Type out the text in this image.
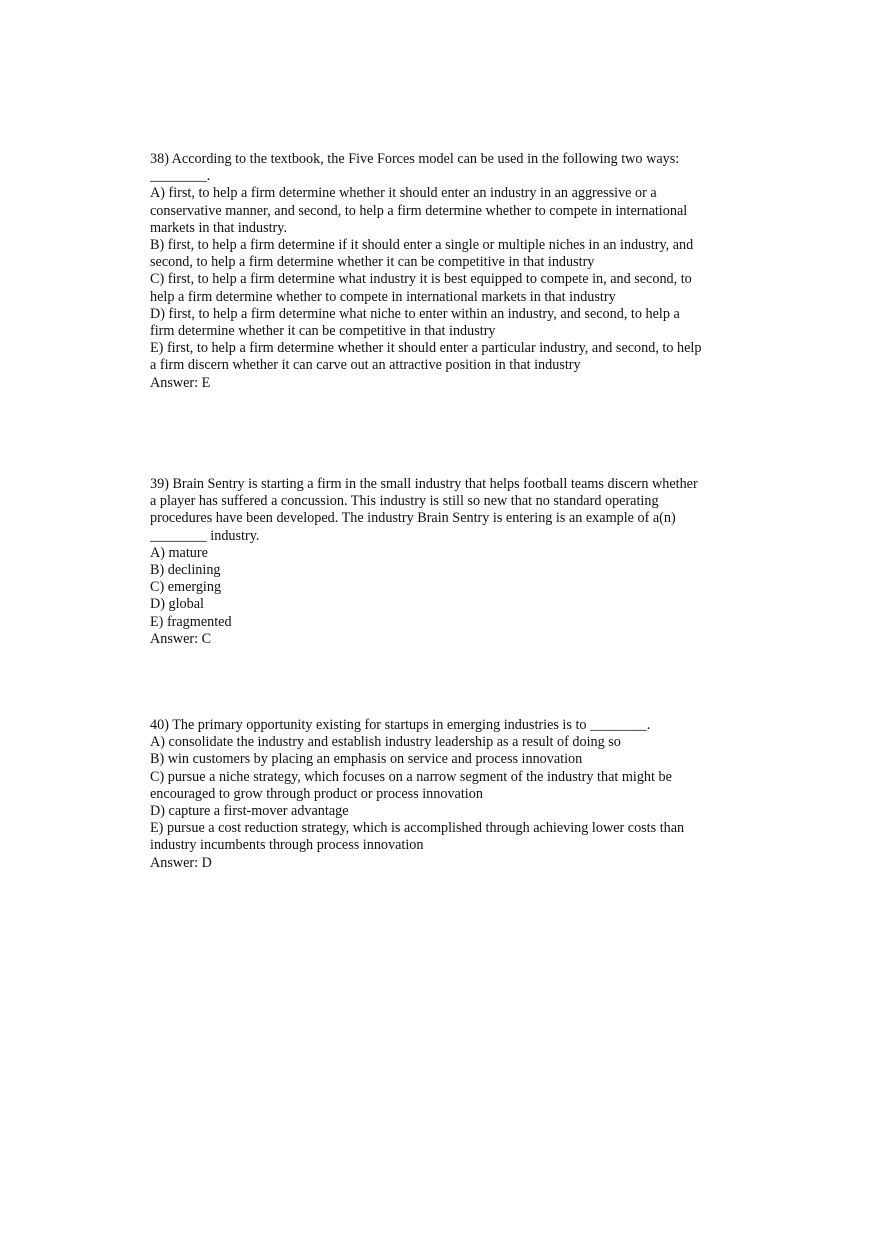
38) According to the textbook, the Five Forces model can be used in the following two ways:

________.

A) first, to help a firm determine whether it should enter an industry in an aggressive or a

conservative manner, and second, to help a firm determine whether to compete in international

markets in that industry.

B) first, to help a firm determine if it should enter a single or multiple niches in an industry, and

second, to help a firm determine whether it can be competitive in that industry

C) first, to help a firm determine what industry it is best equipped to compete in, and second, to

help a firm determine whether to compete in international markets in that industry

D) first, to help a firm determine what niche to enter within an industry, and second, to help a

firm determine whether it can be competitive in that industry

E) first, to help a firm determine whether it should enter a particular industry, and second, to help

a firm discern whether it can carve out an attractive position in that industry

Answer: E

39) Brain Sentry is starting a firm in the small industry that helps football teams discern whether

a player has suffered a concussion. This industry is still so new that no standard operating

procedures have been developed. The industry Brain Sentry is entering is an example of a(n)

________ industry.

A) mature

B) declining

C) emerging

D) global

E) fragmented

Answer: C

40) The primary opportunity existing for startups in emerging industries is to ________.

A) consolidate the industry and establish industry leadership as a result of doing so

B) win customers by placing an emphasis on service and process innovation

C) pursue a niche strategy, which focuses on a narrow segment of the industry that might be

encouraged to grow through product or process innovation

D) capture a first-mover advantage

E) pursue a cost reduction strategy, which is accomplished through achieving lower costs than

industry incumbents through process innovation

Answer: D
